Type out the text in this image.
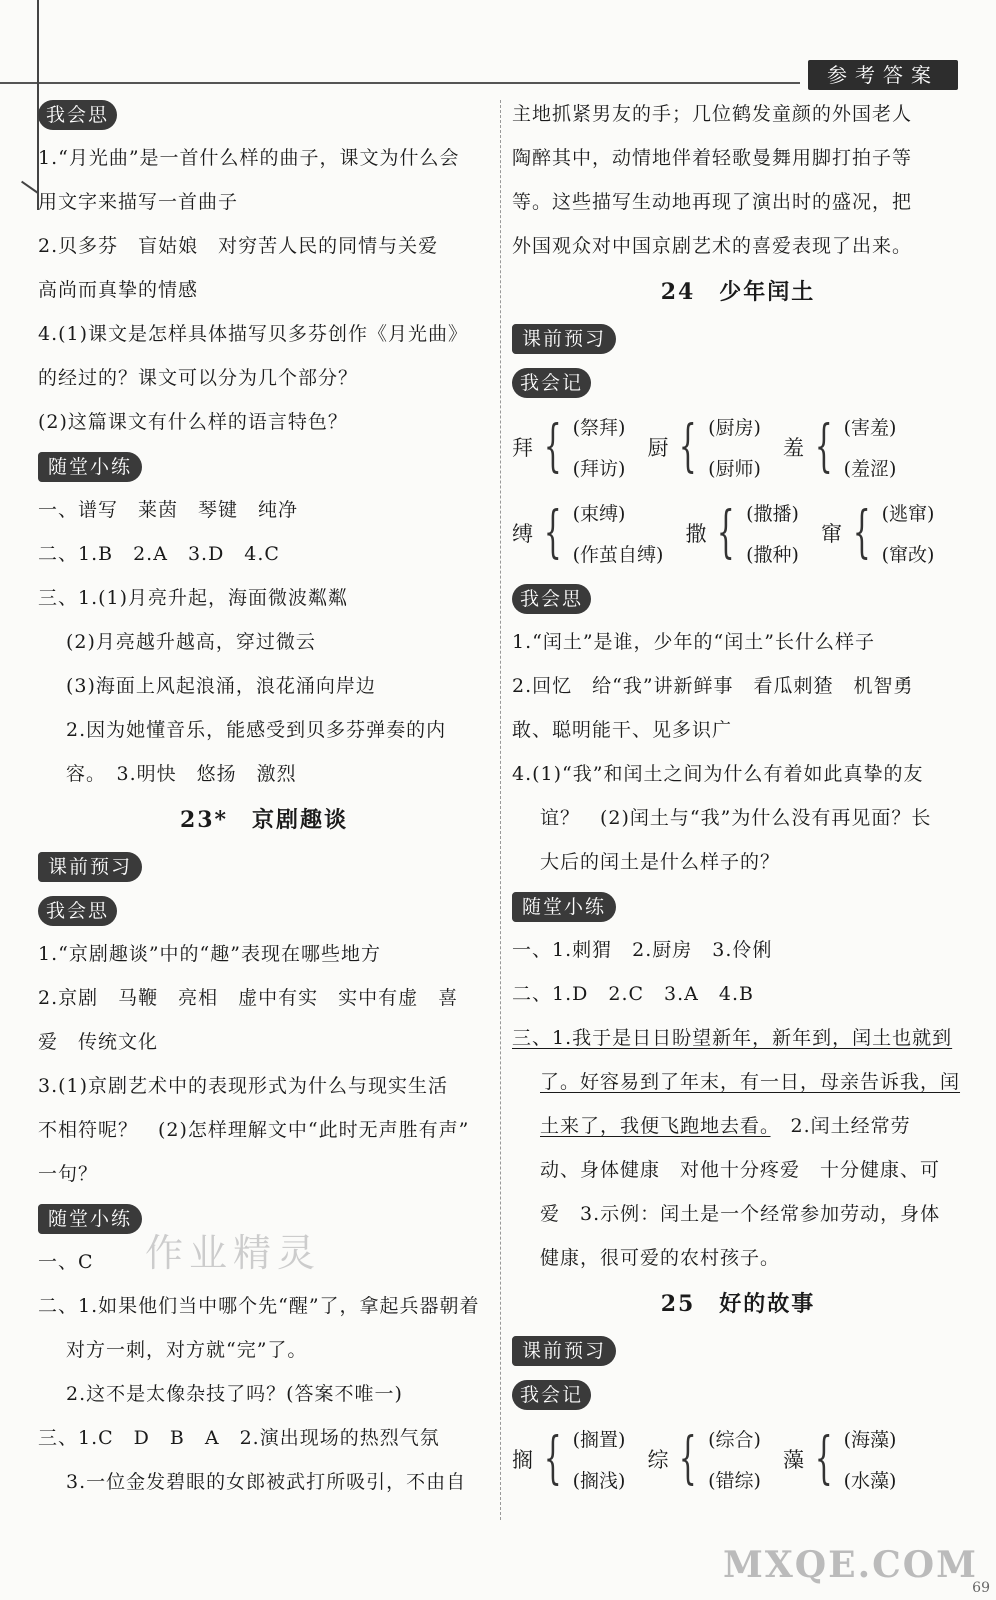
参考答案
我会思
1.“月光曲”是一首什么样的曲子，课文为什么会
用文字来描写一首曲子
2.贝多芬　盲姑娘　对穷苦人民的同情与关爱
高尚而真挚的情感
4.(1)课文是怎样具体描写贝多芬创作《月光曲》
的经过的？课文可以分为几个部分？
(2)这篇课文有什么样的语言特色？
随堂小练
一、谱写　莱茵　琴键　纯净
二、1.B　2.A　3.D　4.C
三、1.(1)月亮升起，海面微波粼粼
(2)月亮越升越高，穿过微云
(3)海面上风起浪涌，浪花涌向岸边
2.因为她懂音乐，能感受到贝多芬弹奏的内
容。　3.明快　悠扬　激烈
23*　京剧趣谈
课前预习
我会思
1.“京剧趣谈”中的“趣”表现在哪些地方
2.京剧　马鞭　亮相　虚中有实　实中有虚　喜
爱　传统文化
3.(1)京剧艺术中的表现形式为什么与现实生活
不相符呢？　(2)怎样理解文中“此时无声胜有声”
一句？
随堂小练
一、C
二、1.如果他们当中哪个先“醒”了，拿起兵器朝着
对方一刺，对方就“完”了。
2.这不是太像杂技了吗？(答案不唯一)
三、1.C　D　B　A　2.演出现场的热烈气氛
3.一位金发碧眼的女郎被武打所吸引，不由自
主地抓紧男友的手；几位鹤发童颜的外国老人
陶醉其中，动情地伴着轻歌曼舞用脚打拍子等
等。这些描写生动地再现了演出时的盛况，把
外国观众对中国京剧艺术的喜爱表现了出来。
24　少年闰土
课前预习
我会记
拜 { (祭拜)
(拜访)
厨 { (厨房)
(厨师)
羞 { (害羞)
(羞涩)
缚 { (束缚)
(作茧自缚)
撒 { (撒播)
(撒种)
窜 { (逃窜)
(窜改)
我会思
1.“闰土”是谁，少年的“闰土”长什么样子
2.回忆　给“我”讲新鲜事　看瓜刺猹　机智勇
敢、聪明能干、见多识广
4.(1)“我”和闰土之间为什么有着如此真挚的友
谊？　(2)闰土与“我”为什么没有再见面？长
大后的闰土是什么样子的？
随堂小练
一、1.刺猬　2.厨房　3.伶俐
二、1.D　2.C　3.A　4.B
三、1.我于是日日盼望新年，新年到，闰土也就到
了。好容易到了年末，有一日，母亲告诉我，闰
土来了，我便飞跑地去看。　2.闰土经常劳
动、身体健康　对他十分疼爱　十分健康、可
爱　3.示例：闰土是一个经常参加劳动，身体
健康，很可爱的农村孩子。
25　好的故事
课前预习
我会记
搁 { (搁置)
(搁浅)
综 { (综合)
(错综)
藻 { (海藻)
(水藻)
作业精灵
MXQE.COM
69
